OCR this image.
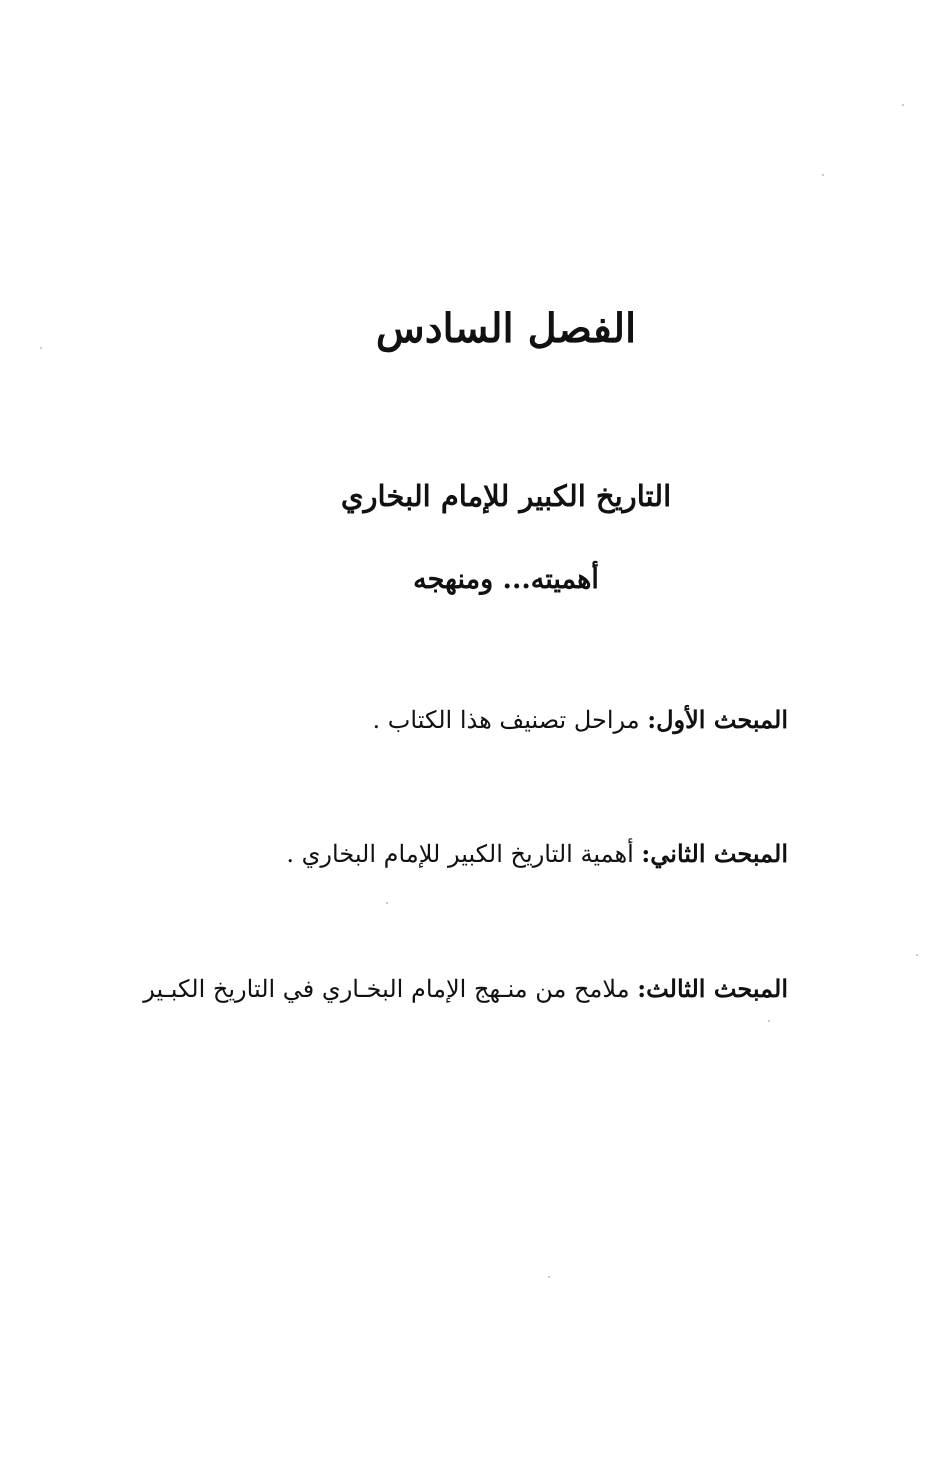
الفصل السادس
التاريخ الكبير للإمام البخاري
أهميته... ومنهجه
المبحث الأول: مراحل تصنيف هذا الكتاب .
المبحث الثاني: أهمية التاريخ الكبير للإمام البخاري .
المبحث الثالث: ملامح من منـهج الإمام البخـاري في التاريخ الكبـير
